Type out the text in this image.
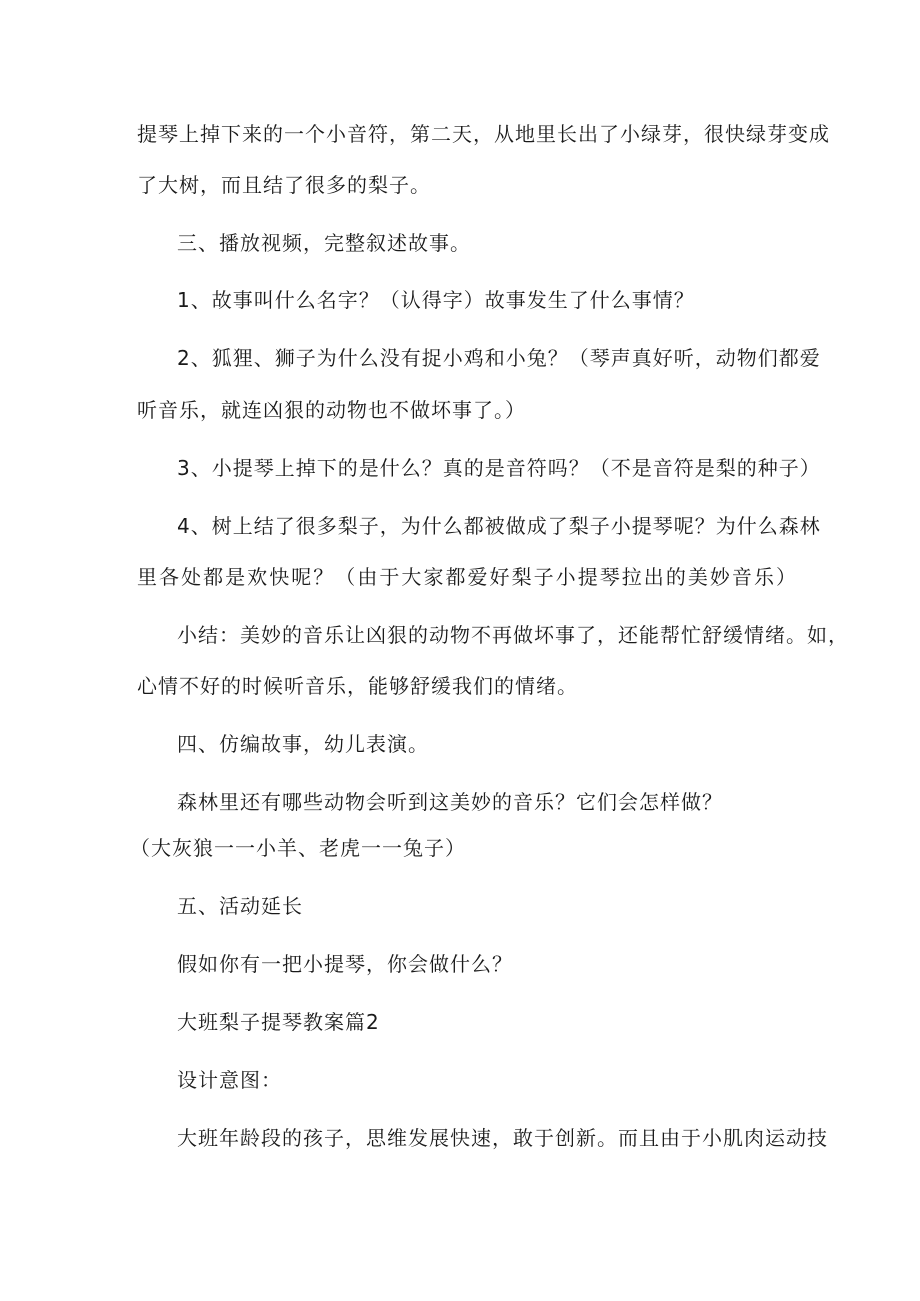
提琴上掉下来的一个小音符，第二天，从地里长出了小绿芽，很快绿芽变成

了大树，而且结了很多的梨子。

三、播放视频，完整叙述故事。

1、故事叫什么名字？（认得字）故事发生了什么事情？

2、狐狸、狮子为什么没有捉小鸡和小兔？（琴声真好听，动物们都爱

听音乐，就连凶狠的动物也不做坏事了。）

3、小提琴上掉下的是什么？真的是音符吗？（不是音符是梨的种子）

4、树上结了很多梨子，为什么都被做成了梨子小提琴呢？为什么森林

里各处都是欢快呢？（由于大家都爱好梨子小提琴拉出的美妙音乐）

小结：美妙的音乐让凶狠的动物不再做坏事了，还能帮忙舒缓情绪。如，

心情不好的时候听音乐，能够舒缓我们的情绪。

四、仿编故事，幼儿表演。

森林里还有哪些动物会听到这美妙的音乐？它们会怎样做？

（大灰狼一一小羊、老虎一一兔子）

五、活动延长

假如你有一把小提琴，你会做什么？

大班梨子提琴教案篇2

设计意图：

大班年龄段的孩子，思维发展快速，敢于创新。而且由于小肌肉运动技
